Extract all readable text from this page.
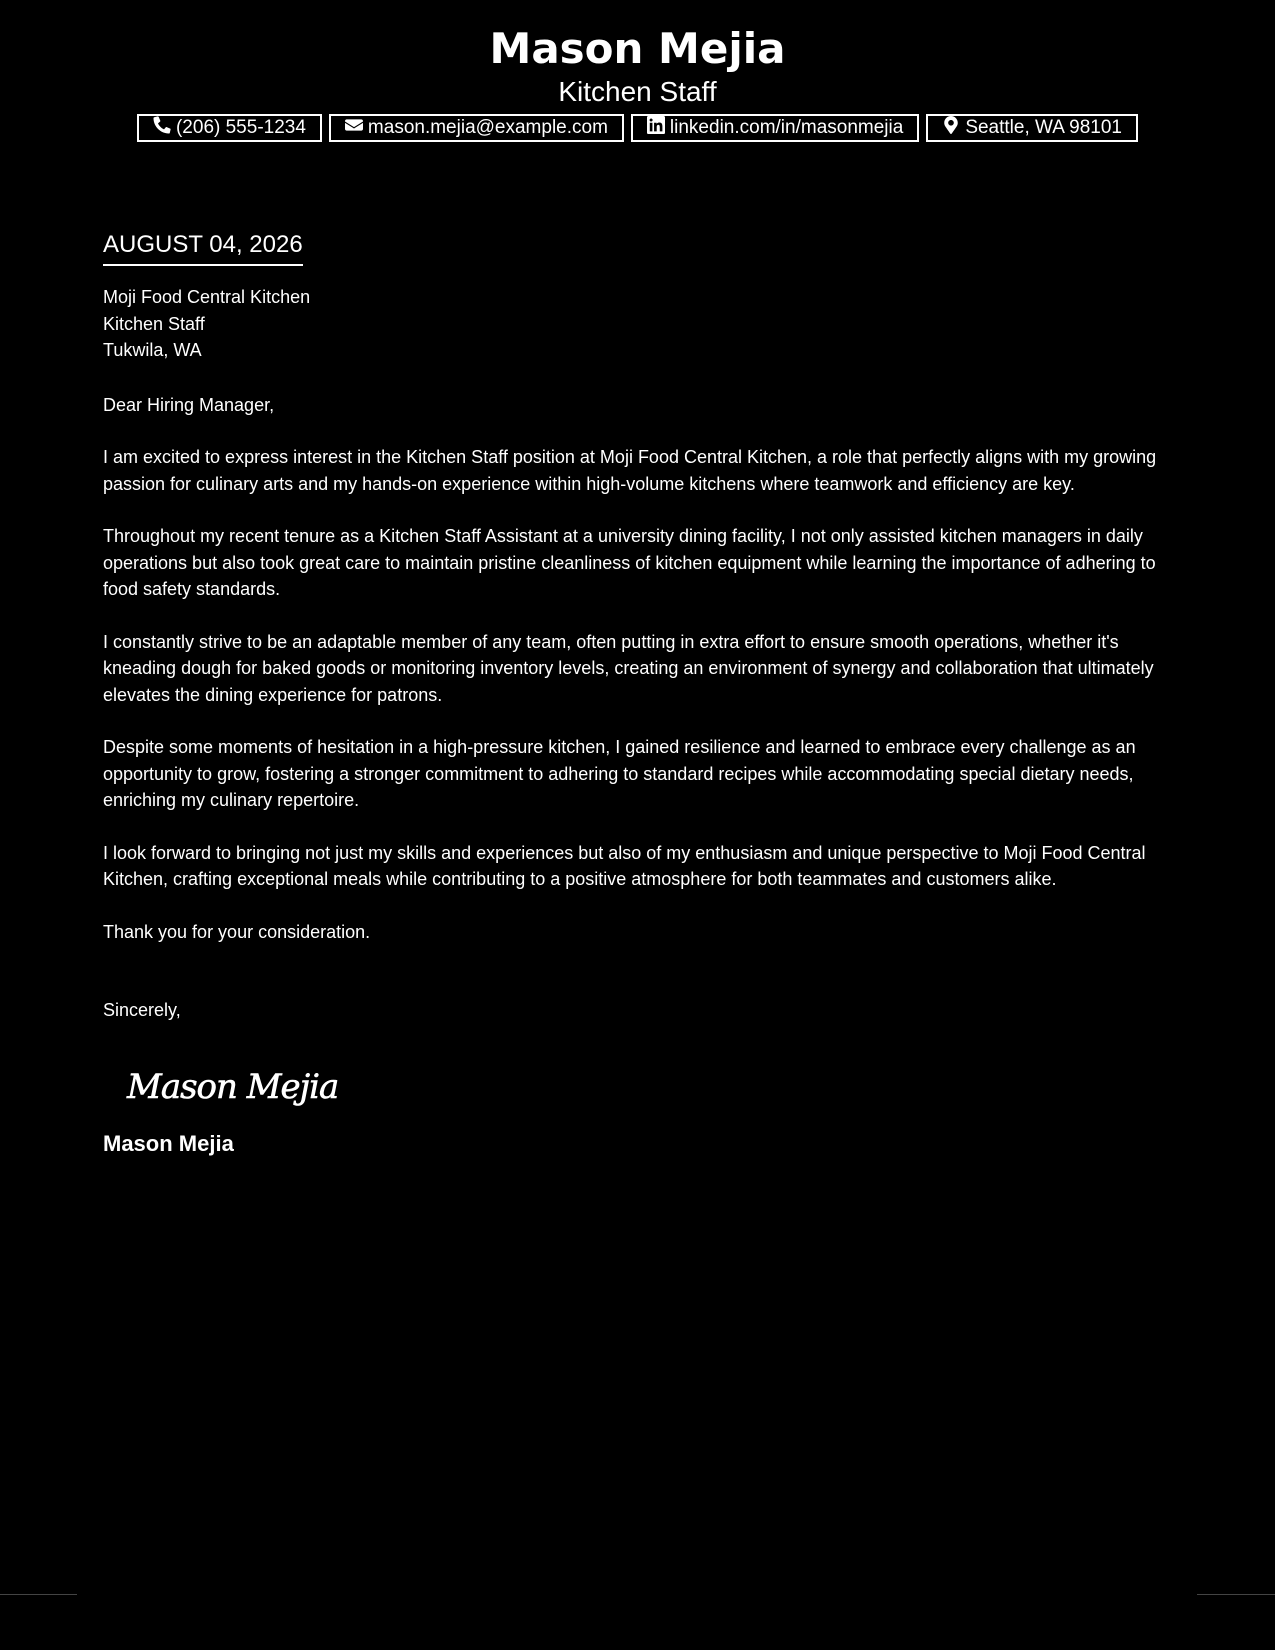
Mason Mejia

Kitchen Staff

(206) 555-1234	mason.mejia@example.com	linkedin.com/in/masonmejia	Seattle, WA 98101
AUGUST 04, 2026

Moji Food Central Kitchen

Kitchen Staff

Tukwila, WA

Dear Hiring Manager,

I am excited to express interest in the Kitchen Staff position at Moji Food Central Kitchen, a role that perfectly aligns with my growing passion for culinary arts and my hands-on experience within high-volume kitchens where teamwork and efficiency are key.

Throughout my recent tenure as a Kitchen Staff Assistant at a university dining facility, I not only assisted kitchen managers in daily operations but also took great care to maintain pristine cleanliness of kitchen equipment while learning the importance of adhering to food safety standards.

I constantly strive to be an adaptable member of any team, often putting in extra effort to ensure smooth operations, whether it's kneading dough for baked goods or monitoring inventory levels, creating an environment of synergy and collaboration that ultimately elevates the dining experience for patrons.

Despite some moments of hesitation in a high-pressure kitchen, I gained resilience and learned to embrace every challenge as an opportunity to grow, fostering a stronger commitment to adhering to standard recipes while accommodating special dietary needs, enriching my culinary repertoire.

I look forward to bringing not just my skills and experiences but also of my enthusiasm and unique perspective to Moji Food Central Kitchen, crafting exceptional meals while contributing to a positive atmosphere for both teammates and customers alike.

Thank you for your consideration.

Sincerely,

Mason Mejia

Mason Mejia
